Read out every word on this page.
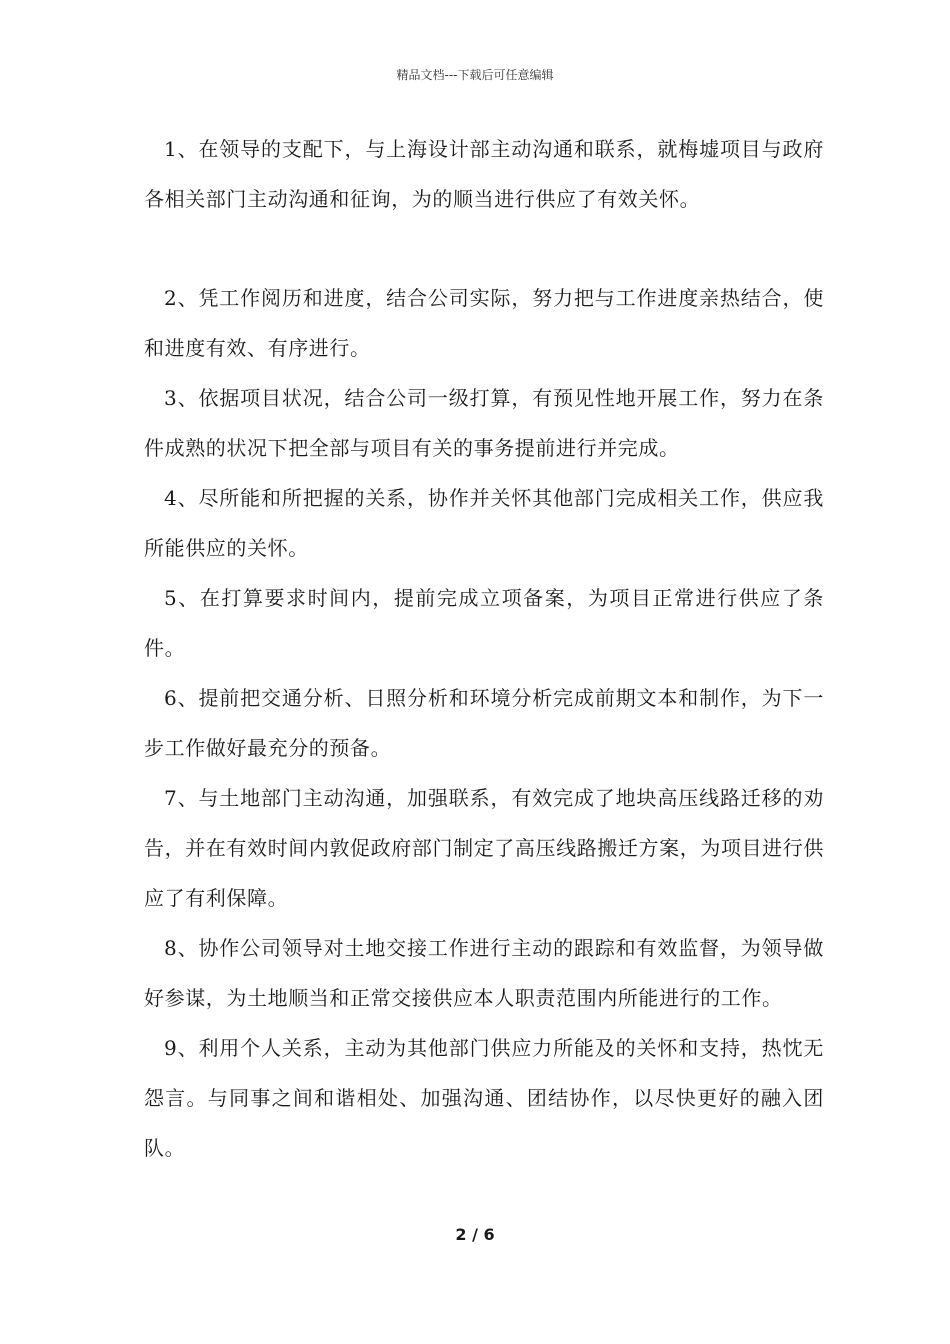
精品文档---下载后可任意编辑

1、在领导的支配下，与上海设计部主动沟通和联系，就梅墟项目与政府各相关部门主动沟通和征询，为的顺当进行供应了有效关怀。

2、凭工作阅历和进度，结合公司实际，努力把与工作进度亲热结合，使和进度有效、有序进行。

3、依据项目状况，结合公司一级打算，有预见性地开展工作，努力在条件成熟的状况下把全部与项目有关的事务提前进行并完成。

4、尽所能和所把握的关系，协作并关怀其他部门完成相关工作，供应我所能供应的关怀。

5、在打算要求时间内，提前完成立项备案，为项目正常进行供应了条件。

6、提前把交通分析、日照分析和环境分析完成前期文本和制作，为下一步工作做好最充分的预备。

7、与土地部门主动沟通，加强联系，有效完成了地块高压线路迁移的劝告，并在有效时间内敦促政府部门制定了高压线路搬迁方案，为项目进行供应了有利保障。

8、协作公司领导对土地交接工作进行主动的跟踪和有效监督，为领导做好参谋，为土地顺当和正常交接供应本人职责范围内所能进行的工作。

9、利用个人关系，主动为其他部门供应力所能及的关怀和支持，热忱无怨言。与同事之间和谐相处、加强沟通、团结协作，以尽快更好的融入团队。

2 / 6
